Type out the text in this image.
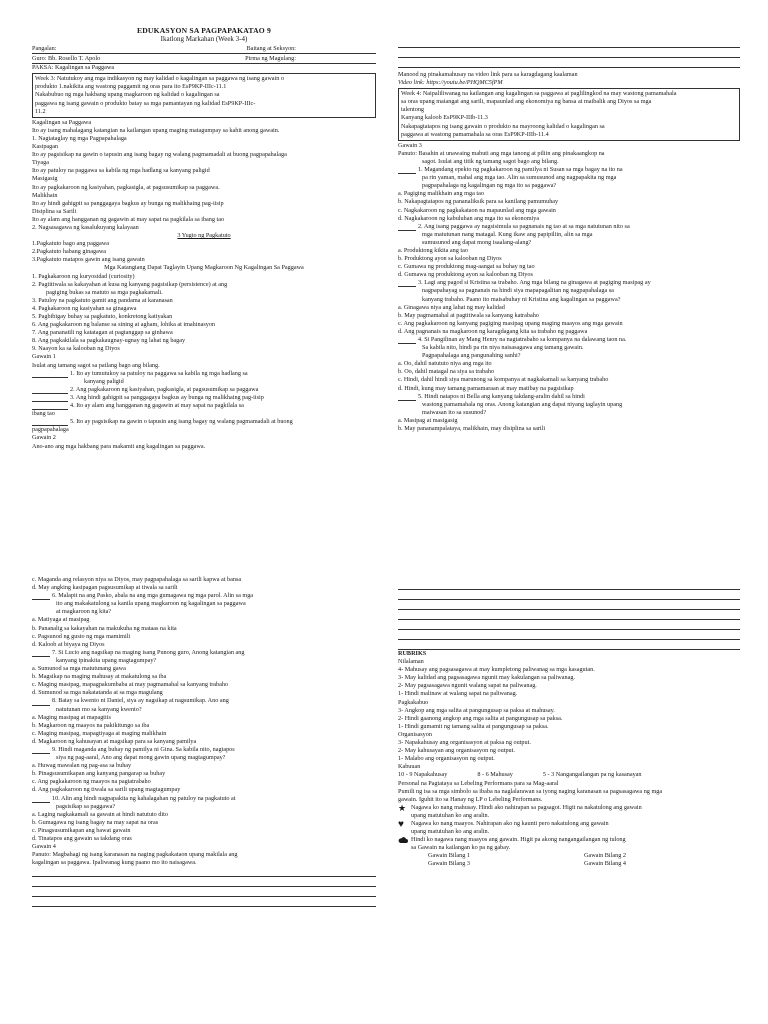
EDUKASYON SA PAGPAPAKATAO 9
Ikatlong Markahan (Week 3-4)
Pangalan:	Baitang at Seksyon:
Guro: Bb. Rosello T. Apolo	Pirma ng Magulang:

PAKSA: Kagalingan sa Paggawa

Week 3: Natutukoy ang mga indikasyon ng may kalidad o kagalingan sa paggawa ng isang gawain o

produkto 1.nakikita ang wastong paggamit ng oras para ito EsP9KP-IIIc-11.1

Nakabubuo ng mga hakbang upang magkaroon ng kalidad o kagalingan sa

paggawa ng isang gawain o produkto batay sa mga pamantayan ng kalidad EsP9KP-IIIc-

11.2

Kagalingan sa Paggawa

Ito ay isang mahalagang katangian na kailangan upang maging matagumpay sa kahit anong gawain.

1. Nagtataglay ng mga Pagpapahalaga

Kasipagan

Ito ay pagsisikap na gawin o tapusin ang isang bagay ng walang pagmamadali at buong pagpapahalaga

Tiyaga

Ito ay patuloy na paggawa sa kabila ng mga hadlang sa kanyang paligid

Masigasig

Ito ay pagkakaroon ng kasiyahan, pagkasigla, at pagsusumikap sa paggawa.

Malikhain

Ito ay hindi gahigpit sa panggagaya bagkus ay bunga ng malikhaing pag-iisip

Disiplina sa Sarili

Ito ay alam ang hangganan ng gagawin at may sapat na pagkilala sa ibang tao

2. Nagsasagawa ng kasalukuyang kalayaan

3 Yugto ng Pagkatuto

1.Pagkatuto bago ang paggawa

2.Pagkatuto habang ginagawa

3.Pagkatuto matapos gawin ang isang gawain

Mga Katangiang Dapat Taglayin Upang Magkaroon Ng Kagalingan Sa Paggawa

1. Pagkakaroon ng kuryosidad (curiosity)

2. Pagtitiwala sa kakayahan at kusa ng kanyang pagsisikap (persistence) at ang

pagiging bukas sa matuto sa mga pagkakamali.

3. Patuloy na pagkatuto gamit ang pandama at karanasan

4. Pagkakaroon ng kasiyahan sa ginagawa

5. Pagbibigay buhay sa pagkatuto, konkretong katiyakan

6. Ang pagkakaroon ng balanse sa sining at agham, lohika at imahinasyon

7. Ang pananatili ng katatagan at pagtanggap sa ginhawa

8. Ang pagkakilala sa pagkakaugnay-ugnay ng lahat ng bagay

9. Naayon ka sa kalooban ng Diyos

Gawain 1

Isulat ang tamang sagot sa patlang bago ang bilang.

1. Ito ay tumutukoy sa patuloy na paggawa sa kabila ng mga hadlang sa

kanyang paligid

2. Ang pagkakaroon ng kasiyahan, pagkasigla, at pagsusumikap sa paggawa

3. Ang hindi gahigpit sa panggagaya bagkus ay bunga ng malikhaing pag-iisip

4. Ito ay alam ang hangganan ng gagawin at may sapat na pagkilala sa

ibang tao

5. Ito ay pagsisikap na gawin o tapusin ang isang bagay ng walang pagmamadali at buong

pagpapahalaga

Gawain 2

Ano-ano ang mga hakbang para makamit ang kagalingan sa paggawa.

Manood ng pinakamahusay na video link para sa karagdagang kaalaman

Video link: https://youtu.be/PHQMC5fPM

Week 4: Naipaliliwanag na kailangan ang kagalingan sa paggawa at paglilingkod na may wastong pamamahala

sa oras upang maiangat ang sarili, mapaunlad ang ekonomiya ng bansa at maibalik ang Diyos sa mga

talentong

Kanyang kaloob EsP9KP-IIIb-11.3

Nakapagtatapos ng isang gawain o produkto na mayroong kalidad o kagalingan sa

paggawa at wastong pamamahala sa oras EsP9KP-IIIb-11.4

Gawain 3

Panuto: Basahin at unawaing mabuti ang mga tanong at piliin ang pinakaangkop na

sagot. Isulat ang titik ng tamang sagot bago ang bilang.

1. Magandang epekto ng pagkakaroon ng pamilya ni Susan sa mga bagay na ito na

pa rin yaman, mahal ang mga tao. Alin sa sumusunod ang nagpapakita ng mga

pagpapahalaga ng kagalingan ng mga ito sa paggawa?

a. Pagiging malikhain ang mga tao

b. Nakapagtatapos ng pananaliksik para sa kanilang pamumuhay

c. Nagkakaroon ng pagkakataon na mapaunlad ang mga gawain

d. Nagkakaroon ng kabuluhan ang mga ito sa ekonomiya

2. Ang isang paggawa ay nagsisimula sa pagnanais ng tao at sa mga natutunan nito sa

mga matutunan nang matagal. Kung ikaw ang papipiliin, alin sa mga

sumusunod ang dapat mong isaalang-alang?

a. Produktong kikita ang tao

b. Produktong ayon sa kalooban ng Diyos

c. Gumawa ng produktong mag-aangat sa buhay ng tao

d. Gumawa ng produktong ayon sa kalooban ng Diyos

3. Lagi ang pagod si Kristina sa trabaho. Ang mga bilang na ginagawa at pagiging masipag ay

nagpapahayag sa pagnanais na hindi siya mapapagalitan ng nagpapahalaga sa

kanyang trabaho. Paano ito maisabuhay ni Kristina ang kagalingan sa paggawa?

a. Ginagawa niya ang lahat ng may kalidad

b. May pagmamahal at pagtitiwala sa kanyang katrabaho

c. Ang pagkakaroon ng kanyang pagiging masipag upang maging maayos ang mga gawain

d. Ang pagnanais na magkaroon ng karagdagang kita sa trabaho ng paggawa

4. Si Pangilinan ay Mang Henry na nagtatrabaho sa kompanya na dalawang taon na.

Sa kabila nito, hindi pa rin niya naisasagawa ang tamang gawain.

Pagpapahalaga ang pangunahing sanhi?

a. Oo, dahil natututo niya ang mga ito

b. Oo, dahil matagal na siya sa trabaho

c. Hindi, dahil hindi siya marunong sa kompanya at nagkakamali sa kanyang trabaho

d. Hindi, kung may tamang pamamaraan at may matibay na pagsisikap

5. Hindi natapos ni Bella ang kanyang takdang-aralin dahil sa hindi

wastong pamamahala ng oras. Anong katangian ang dapat niyang taglayin upang

maiwasan ito sa susunod?

a. Masipag at masigasig

b. May pananampalataya, malikhain, may disiplina sa sarili

c. Maganda ang relasyon niya sa Diyos, may pagpapahalaga sa sarili kapwa at bansa

d. May angking kasipagan pagsusumikap at tiwala sa sarili

6. Malapit na ang Pasko, abala na ang mga gumagawa ng mga parol. Alin sa mga

ito ang makakatulong sa kanila upang magkaroon ng kagalingan sa paggawa

at magkaroon ng kita?

a. Matiyaga at masipag

b. Pananalig sa kakayahan na makukuha ng mataas na kita

c. Pagsunod ng gusto ng mga mamimili

d. Kaloob at biyaya ng Diyos

7. Si Lucio ang nagsikap na maging isang Punong guro, Anong katangian ang

kanyang ipinakita upang magtagumpay?

a. Sumunod sa mga matutunang gawa

b. Magsikap na maging mahusay at makatulong sa iba

c. Maging masipag, mapagpakumbaba at may pagmamahal sa kanyang trabaho

d. Sumunod sa mga nakatatanda at sa mga magulang

8. Batay sa kwento ni Daniel, siya ay nagsikap at nagsumikap. Ano ang

natutunan mo sa kanyang kwento?

a. Maging masipag at mapagtiis

b. Magkaroon ng maayos na pakikitungo sa iba

c. Maging masipag, mapagtiyaga at maging malikhain

d. Magkaroon ng kahusayan at magsikap para sa kanyang pamilya

9. Hindi maganda ang buhay ng pamilya ni Gina. Sa kabila nito, nagtapos

siya ng pag-aaral, Ano ang dapat mong gawin upang magtagumpay?

a. Huwag mawalan ng pag-asa sa buhay

b. Pinagsusumikapan ang kanyang pangarap sa buhay

c. Ang pagkakaroon ng maayos na pagtatrabaho

d. Ang pagkakaroon ng tiwala sa sarili upang magtagumpay

10. Alin ang hindi nagpapakita ng kahalagahan ng patuloy na pagkatuto at

pagsisikap sa paggawa?

a. Laging nagkakamali sa gawain at hindi natututo dito

b. Gumagawa ng isang bagay na may sapat na oras

c. Pinagsusumikapan ang bawat gawain

d. Tinatapos ang gawain sa takdang oras

Gawain 4

Panuto: Magbahagi ng isang karanasan na naging pagkakataon upang makilala ang

kagalingan sa paggawa. Ipaliwanag kung paano mo ito naisagawa.

RUBRIKS

Nilalaman

4- Mahusay ang pagsasagawa at may kumpletong paliwanag sa mga kasagutan.

3- May kalidad ang pagsasagawa ngunit may kakulangan sa paliwanag.

2- May pagsasagawa ngunit walang sapat na paliwanag.

1- Hindi malinaw at walang sapat na paliwanag.

Pagkakabuo

3- Angkop ang mga salita at pangungusap sa paksa at mahusay.

2- Hindi gaanong angkop ang mga salita at pangungusap sa paksa.

1- Hindi gumamit ng tamang salita at pangungusap sa paksa.

Organisasyon

3- Napakahusay ang organisasyon at paksa ng output.

2- May kahusayan ang organisasyon ng output.

1- Malabo ang organisasyon ng output.

Kabuuan

10 - 9 Napakahusay	8 - 6 Mahusay	5 - 3 Nangangailangan pa ng kasanayan

Personal na Pagtataya sa Lebeling Performans para sa Mag-aaral

Pumili ng isa sa mga simbolo sa ibaba na naglalarawan sa iyong naging karanasan sa pagsasagawa ng mga

gawain. Iguhit ito sa Hanay ng LP o Lebeling Performans.

★ Nagawa ko nang mahusay. Hindi ako nahirapan sa pagsagot. Higit na nakatulong ang gawain

upang matutuhan ko ang aralin.

♥	Nagawa ko nang maayos. Nahirapan ako ng kaunti pero nakatulong ang gawain

upang matutuhan ko ang aralin.

Hindi ko nagawa nang maayos ang gawain. Higit pa akong nangangailangan ng tulong

sa Gawain na kailangan ko pa ng gabay.

Gawain Bilang 1	Gawain Bilang 2
Gawain Bilang 3	Gawain Bilang 4
